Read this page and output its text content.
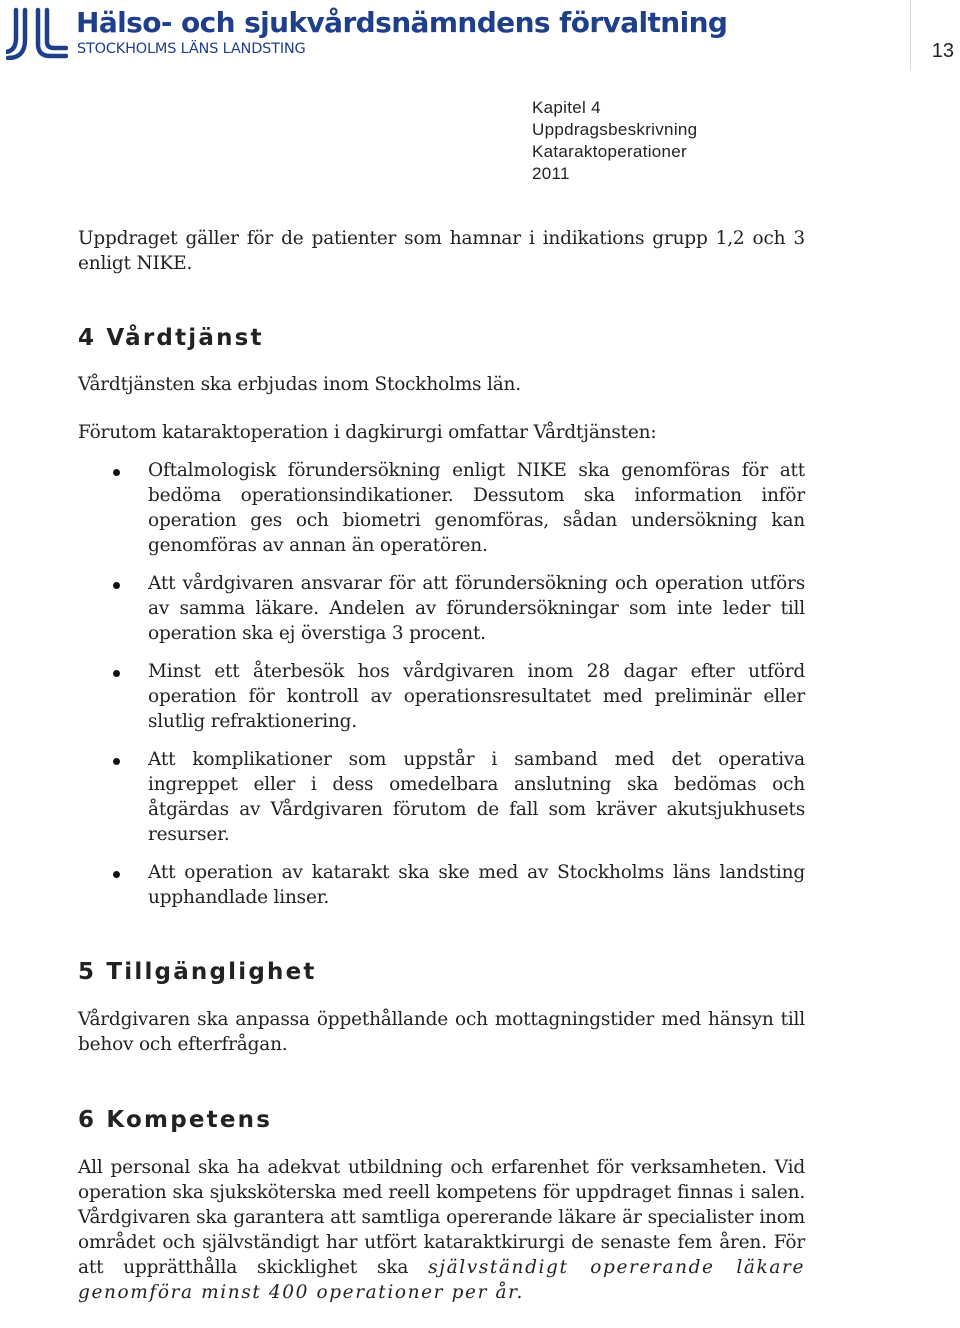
Hälso- och sjukvårdsnämndens förvaltning
STOCKHOLMS LÄNS LANDSTING	13
Kapitel 4
Uppdragsbeskrivning
Kataraktoperationer
2011

Uppdraget gäller för de patienter som hamnar i indikations grupp 1,2 och 3 enligt NIKE.

4 Vårdtjänst

Vårdtjänsten ska erbjudas inom Stockholms län.

Förutom kataraktoperation i dagkirurgi omfattar Vårdtjänsten:

Oftalmologisk förundersökning enligt NIKE ska genomföras för att bedöma operationsindikationer. Dessutom ska information inför operation ges och biometri genomföras, sådan undersökning kan genomföras av annan än operatören.

Att vårdgivaren ansvarar för att förundersökning och operation utförs av samma läkare. Andelen av förundersökningar som inte leder till operation ska ej överstiga 3 procent.

Minst ett återbesök hos vårdgivaren inom 28 dagar efter utförd operation för kontroll av operationsresultatet med preliminär eller slutlig refraktionering.

Att komplikationer som uppstår i samband med det operativa ingreppet eller i dess omedelbara anslutning ska bedömas och åtgärdas av Vårdgivaren förutom de fall som kräver akutsjukhusets resurser.

Att operation av katarakt ska ske med av Stockholms läns landsting upphandlade linser.

5 Tillgänglighet

Vårdgivaren ska anpassa öppethållande och mottagningstider med hänsyn till behov och efterfrågan.

6 Kompetens

All personal ska ha adekvat utbildning och erfarenhet för verksamheten. Vid operation ska sjuksköterska med reell kompetens för uppdraget finnas i salen. Vårdgivaren ska garantera att samtliga opererande läkare är specialister inom området och självständigt har utfört kataraktkirurgi de senaste fem åren. För att upprätthålla skicklighet ska självständigt opererande läkare genomföra minst 400 operationer per år.
